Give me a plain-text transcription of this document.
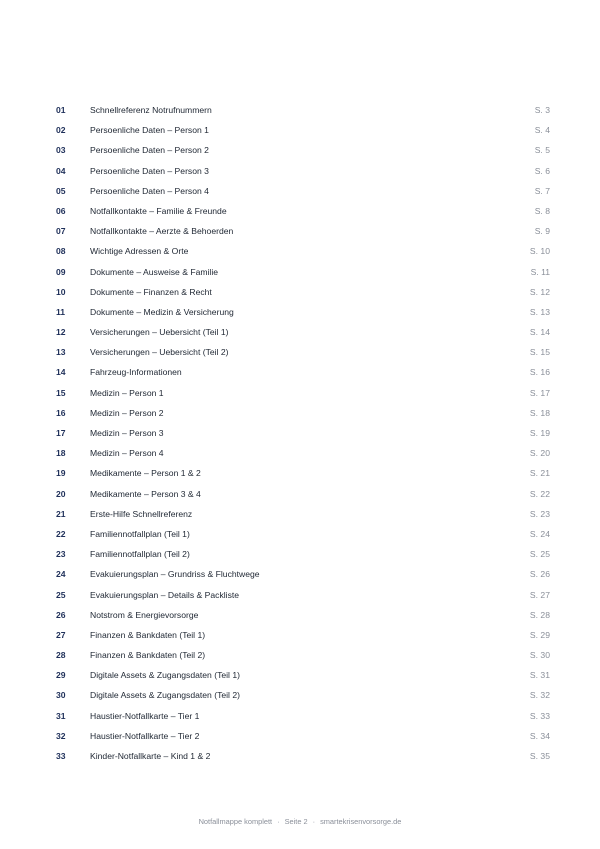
01	Schnellreferenz Notrufnummern	S. 3
02	Persoenliche Daten – Person 1	S. 4
03	Persoenliche Daten – Person 2	S. 5
04	Persoenliche Daten – Person 3	S. 6
05	Persoenliche Daten – Person 4	S. 7
06	Notfallkontakte – Familie & Freunde	S. 8
07	Notfallkontakte – Aerzte & Behoerden	S. 9
08	Wichtige Adressen & Orte	S. 10
09	Dokumente – Ausweise & Familie	S. 11
10	Dokumente – Finanzen & Recht	S. 12
11	Dokumente – Medizin & Versicherung	S. 13
12	Versicherungen – Uebersicht (Teil 1)	S. 14
13	Versicherungen – Uebersicht (Teil 2)	S. 15
14	Fahrzeug-Informationen	S. 16
15	Medizin – Person 1	S. 17
16	Medizin – Person 2	S. 18
17	Medizin – Person 3	S. 19
18	Medizin – Person 4	S. 20
19	Medikamente – Person 1 & 2	S. 21
20	Medikamente – Person 3 & 4	S. 22
21	Erste-Hilfe Schnellreferenz	S. 23
22	Familiennotfallplan (Teil 1)	S. 24
23	Familiennotfallplan (Teil 2)	S. 25
24	Evakuierungsplan – Grundriss & Fluchtwege	S. 26
25	Evakuierungsplan – Details & Packliste	S. 27
26	Notstrom & Energievorsorge	S. 28
27	Finanzen & Bankdaten (Teil 1)	S. 29
28	Finanzen & Bankdaten (Teil 2)	S. 30
29	Digitale Assets & Zugangsdaten (Teil 1)	S. 31
30	Digitale Assets & Zugangsdaten (Teil 2)	S. 32
31	Haustier-Notfallkarte – Tier 1	S. 33
32	Haustier-Notfallkarte – Tier 2	S. 34
33	Kinder-Notfallkarte – Kind 1 & 2	S. 35
Notfallmappe komplett · Seite 2 · smartekrisenvorsorge.de
